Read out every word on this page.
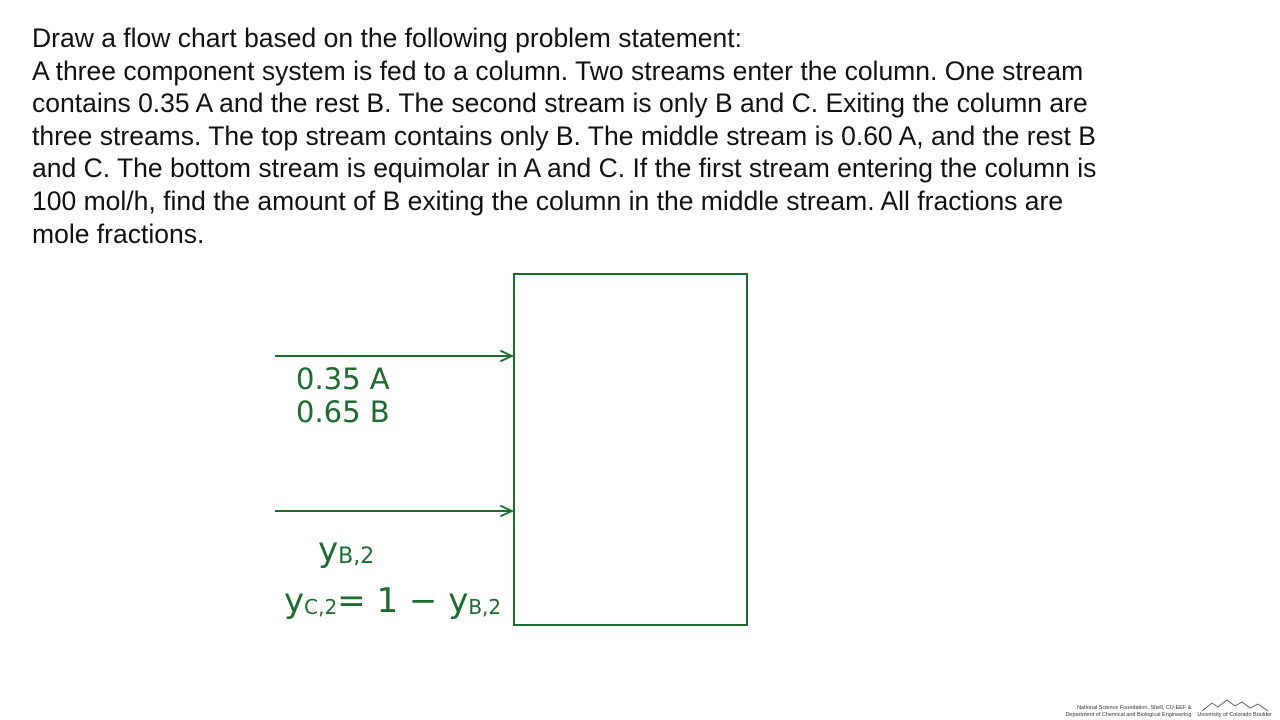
Draw a flow chart based on the following problem statement:
A three component system is fed to a column. Two streams enter the column. One stream
contains 0.35 A and the rest B. The second stream is only B and C. Exiting the column are
three streams. The top stream contains only B. The middle stream is 0.60 A, and the rest B
and C. The bottom stream is equimolar in A and C. If the first stream entering the column is
100 mol/h, find the amount of B exiting the column in the middle stream. All fractions are
mole fractions.
0.35 A
0.65 B
yB,2
yC,2= 1 − yB,2
National Science Foundation, Shell, CU-EEF &
Department of Chemical and Biological Engineering University of Colorado Boulder
